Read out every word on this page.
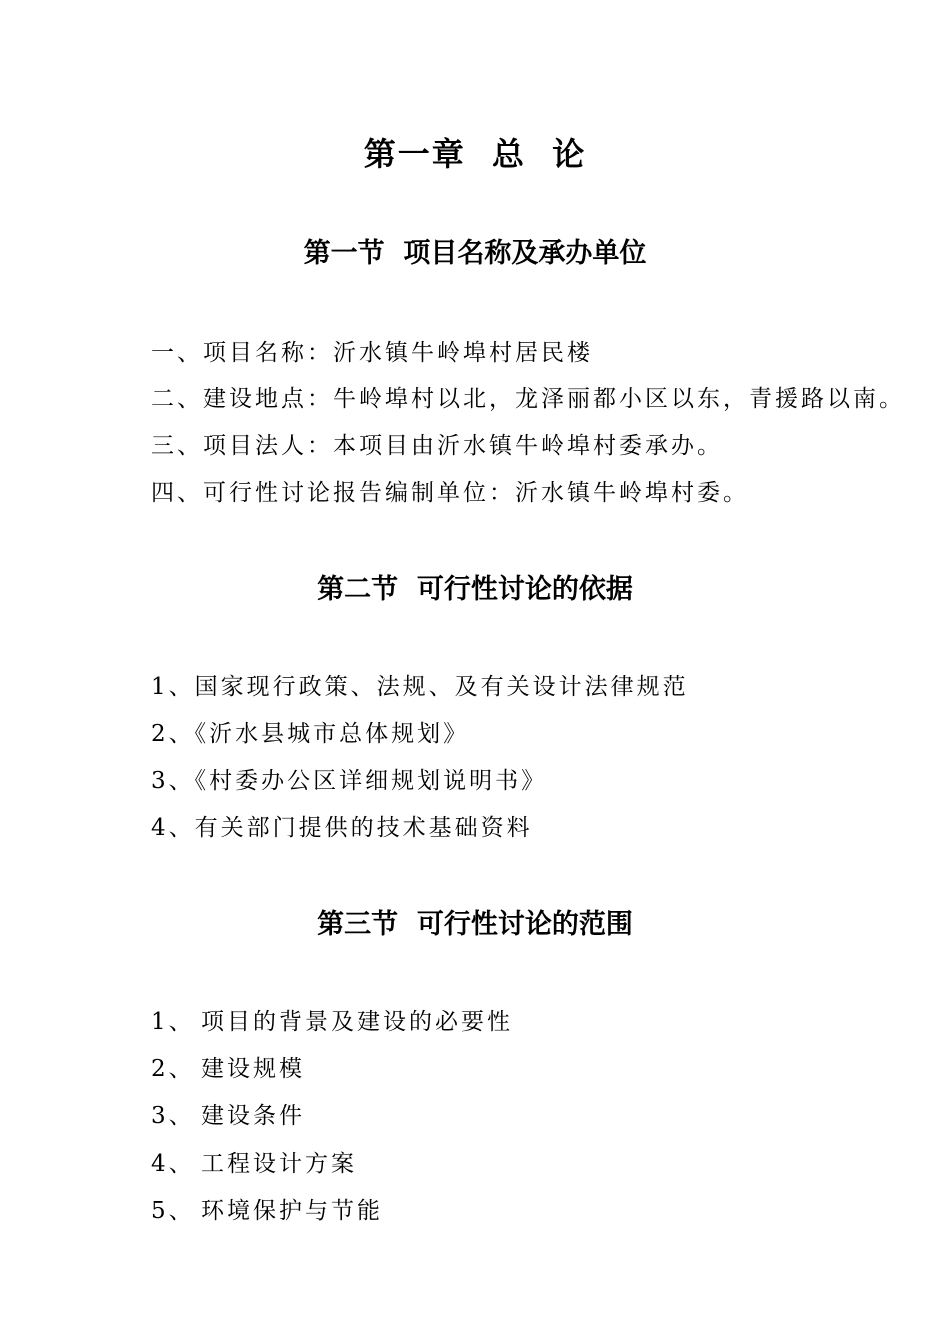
第一章  总  论
第一节  项目名称及承办单位
一、项目名称：沂水镇牛岭埠村居民楼
二、建设地点：牛岭埠村以北，龙泽丽都小区以东，青援路以南。
三、项目法人：本项目由沂水镇牛岭埠村委承办。
四、可行性讨论报告编制单位：沂水镇牛岭埠村委。
第二节  可行性讨论的依据
1、国家现行政策、法规、及有关设计法律规范
2、《沂水县城市总体规划》
3、《村委办公区详细规划说明书》
4、有关部门提供的技术基础资料
第三节  可行性讨论的范围
1、 项目的背景及建设的必要性
2、 建设规模
3、 建设条件
4、 工程设计方案
5、 环境保护与节能
